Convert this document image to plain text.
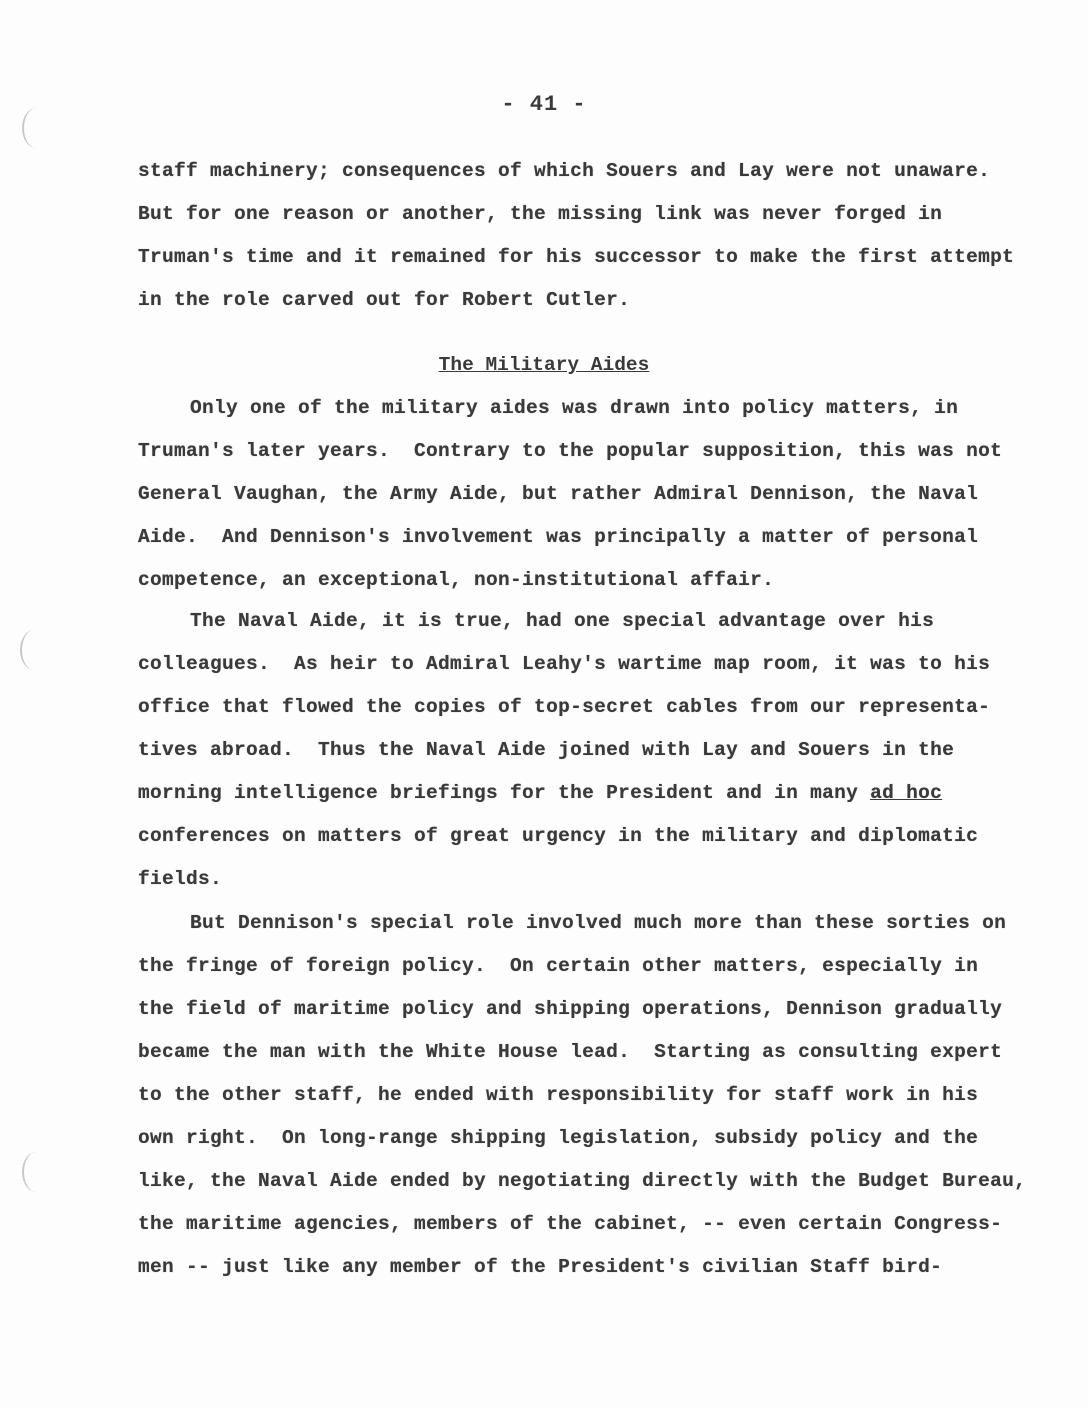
- 41 -
staff machinery; consequences of which Souers and Lay were not unaware.
But for one reason or another, the missing link was never forged in
Truman's time and it remained for his successor to make the first attempt
in the role carved out for Robert Cutler.
The Military Aides
Only one of the military aides was drawn into policy matters, in
Truman's later years.  Contrary to the popular supposition, this was not
General Vaughan, the Army Aide, but rather Admiral Dennison, the Naval
Aide.  And Dennison's involvement was principally a matter of personal
competence, an exceptional, non-institutional affair.
The Naval Aide, it is true, had one special advantage over his
colleagues.  As heir to Admiral Leahy's wartime map room, it was to his
office that flowed the copies of top-secret cables from our representa-
tives abroad.  Thus the Naval Aide joined with Lay and Souers in the
morning intelligence briefings for the President and in many ad hoc
conferences on matters of great urgency in the military and diplomatic
fields.
But Dennison's special role involved much more than these sorties on
the fringe of foreign policy.  On certain other matters, especially in
the field of maritime policy and shipping operations, Dennison gradually
became the man with the White House lead.  Starting as consulting expert
to the other staff, he ended with responsibility for staff work in his
own right.  On long-range shipping legislation, subsidy policy and the
like, the Naval Aide ended by negotiating directly with the Budget Bureau,
the maritime agencies, members of the cabinet, -- even certain Congress-
men -- just like any member of the President's civilian Staff bird-
